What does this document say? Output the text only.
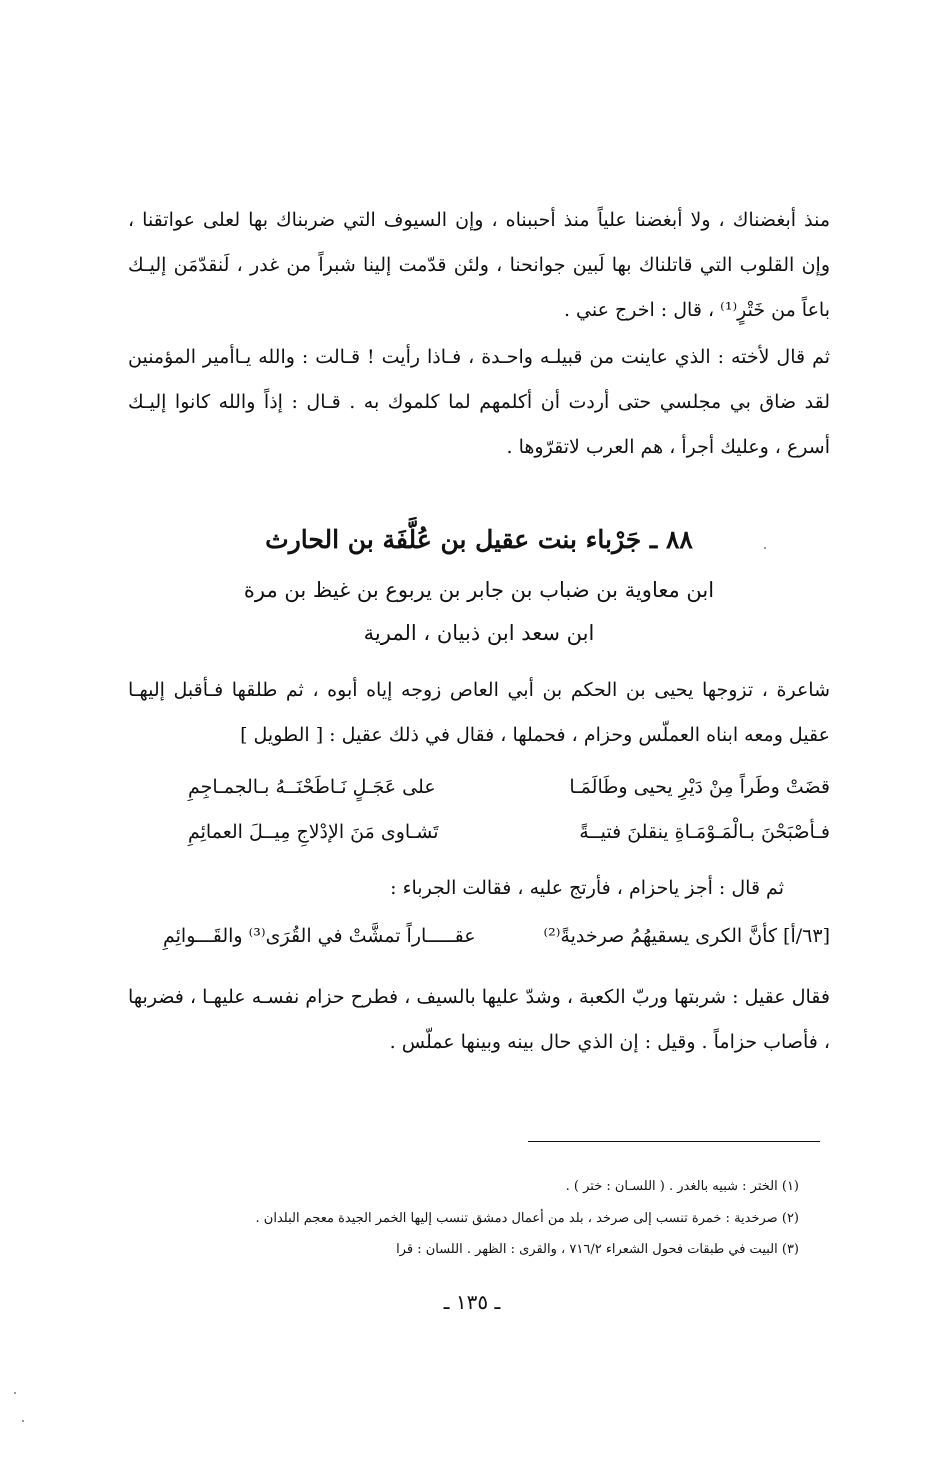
منذ أبغضناك ، ولا أبغضنا علياً منذ أحببناه ، وإن السيوف التي ضربناك بها لعلى عواتقنا ، وإن القلوب التي قاتلناك بها لَبين جوانحنا ، ولئن قدّمت إلينا شبراً من غدر ، لَنقدّمَن إليـك باعاً من خَتْرٍ⁽¹⁾ ، قال : اخرج عني .

ثم قال لأخته : الذي عاينت من قبيلـه واحـدة ، فـاذا رأيت ! قـالت : والله يـاأمير المؤمنين لقد ضاق بي مجلسي حتى أردت أن أكلمهم لما كلموك به . قـال : إذاً والله كانوا إليـك أسرع ، وعليك أجرأ ، هم العرب لاتقرّوها .

٨٨ ـ جَرْباء بنت عقيل بن عُلَّفَة بن الحارث
ابن معاوية بن ضباب بن جابر بن يربوع بن غيظ بن مرة
ابن سعد ابن ذبيان ، المرية

شاعرة ، تزوجها يحيى بن الحكم بن أبي العاص زوجه إياه أبوه ، ثم طلقها فـأقبل إليهـا عقيل ومعه ابناه العملّس وحزام ، فحملها ، فقال في ذلك عقيل : [ الطويل ]

قضَتْ وطَراً مِنْ دَيْرِ يحيى وطَالَمَـا
على عَجَـلٍ نَـاطَحْنَــهُ بـالجمـاجِمِ
فـأصْبَحْنَ بـالْمَـوْمَـاةِ ينقلنَ فتيــةً
تَشـاوى مَنَ الإدْلاجِ مِيــلَ العمائِمِ
ثم قال : أجز ياحزام ، فأرتج عليه ، فقالت الجرباء :
[٦٣/أ] كأنَّ الكرى يسقيهُمُ صرخديةً⁽²⁾
عقـــــاراً تمشَّتْ في القُرَى⁽³⁾ والقَـــوائِمِ

فقال عقيل : شربتها وربّ الكعبة ، وشدّ عليها بالسيف ، فطرح حزام نفسـه عليهـا ، فضربها ، فأصاب حزاماً . وقيل : إن الذي حال بينه وبينها عملّس .

(١) الختر : شبيه بالغدر . ( اللسـان : ختر ) .
(٢) صرخدية : خمرة تنسب إلى صرخد ، بلد من أعمال دمشق تنسب إليها الخمر الجيدة معجم البلدان .
(٣) البيت في طبقات فحول الشعراء ٧١٦/٢ ، والقرى : الظهر . اللسان : قرا
ـ ١٣٥ ـ
